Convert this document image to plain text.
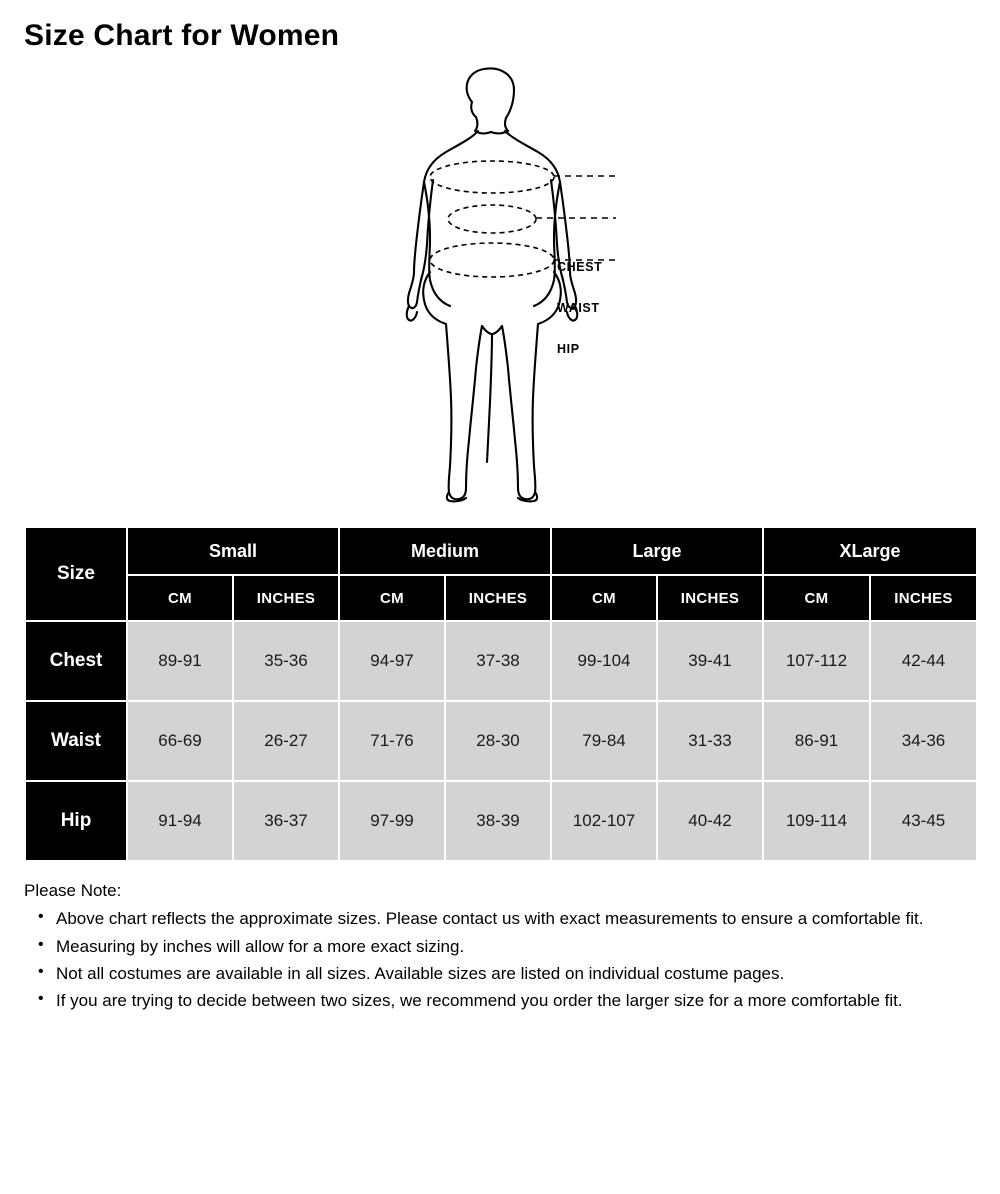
Size Chart for Women
CHEST
WAIST
HIP
Size	Small		Medium		Large		XLarge	
	CM	INCHES	CM	INCHES	CM	INCHES	CM	INCHES
Chest	89-91	35-36	94-97	37-38	99-104	39-41	107-112	42-44
Waist	66-69	26-27	71-76	28-30	79-84	31-33	86-91	34-36
Hip	91-94	36-37	97-99	38-39	102-107	40-42	109-114	43-45
Please Note:
• Above chart reflects the approximate sizes. Please contact us with exact measurements to ensure a comfortable fit.
• Measuring by inches will allow for a more exact sizing.
• Not all costumes are available in all sizes. Available sizes are listed on individual costume pages.
• If you are trying to decide between two sizes, we recommend you order the larger size for a more comfortable fit.
